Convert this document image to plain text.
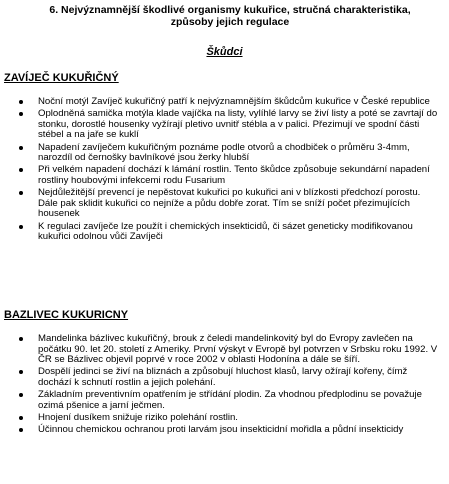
6. Nejvýznamnější škodlivé organismy kukuřice, stručná charakteristika,
způsoby jejich regulace
Škůdci
ZAVÍJEČ KUKUŘIČNÝ
Noční motýl Zavíječ kukuřičný patří k nejvýznamnějším škůdcům kukuřice v České republice
Oplodněná samička motýla klade vajíčka na listy, vylíhlé larvy se živí listy a poté se zavrtají do stonku, dorostlé housenky vyžírají pletivo uvnitř stébla a v palici. Přezimují ve spodní části stébel a na jaře se kuklí
Napadení zavíječem kukuřičným poznáme podle otvorů a chodbiček o průměru 3-4mm, narozdíl od černošky bavlníkové jsou žerky hlubší
Při velkém napadení dochází k lámání rostlin. Tento škůdce způsobuje sekundární napadení rostliny houbovými infekcemi rodu Fusarium
Nejdůležitější prevencí je nepěstovat kukuřici po kukuřici ani v blízkosti předchozí porostu. Dále pak sklidit kukuřici co nejníže a půdu dobře zorat. Tím se sníží počet přezimujících housenek
K regulaci zavíječe lze použít i chemických insekticidů, či sázet geneticky modifikovanou kukuřici odolnou vůči Zavíječi
BAZLIVEC KUKURICNY
Mandelinka bázlivec kukuřičný, brouk z čeledi mandelinkovitý byl do Evropy zavlečen na počátku 90. let 20. století z Ameriky. První výskyt v Evropě byl potvrzen v Srbsku roku 1992. V ČR se Bázlivec objevil poprvé v roce 2002 v oblasti Hodonína a dále se šíří.
Dospělí jedinci se živí na bliznách a způsobují hluchost klasů, larvy ožírají kořeny, čímž dochází k schnutí rostlin a jejich polehání.
Základním preventivním opatřením je střídání plodin. Za vhodnou předplodinu se považuje ozimá pšenice a jarní ječmen.
Hnojení dusíkem snižuje riziko polehání rostlin.
Účinnou chemickou ochranou proti larvám jsou insekticidní mořidla a půdní insekticidy
